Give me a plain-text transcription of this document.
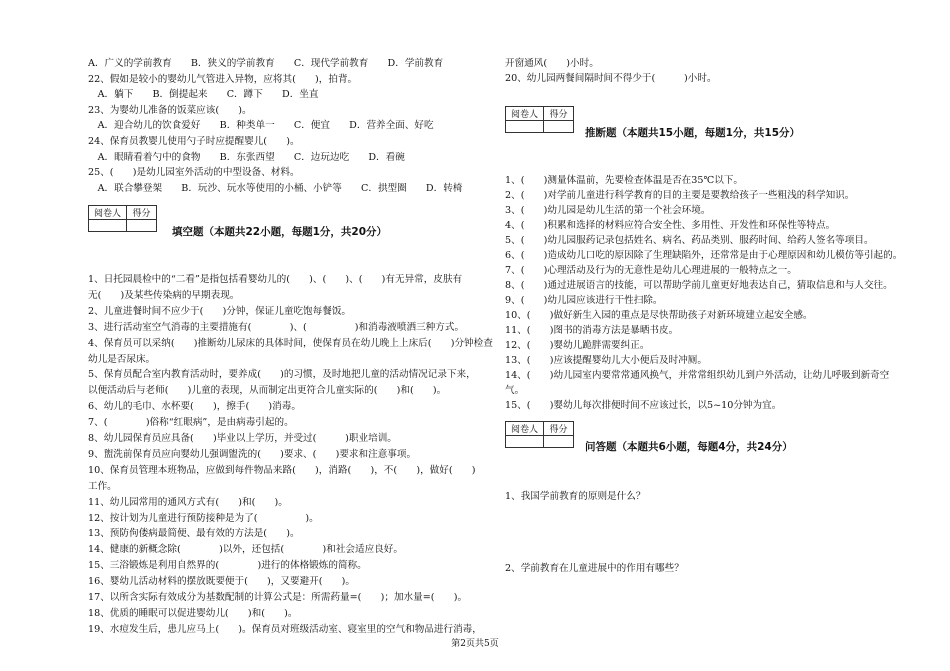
A．广义的学前教育　　B．狭义的学前教育　　C．现代学前教育　　D．学前教育
22、假如是较小的婴幼儿气管进入异物，应将其(　　)，拍背。
　A．躺下　　B．倒提起来　　C．蹲下　　D．坐直
23、为婴幼儿准备的饭菜应该(　　)。
　A．迎合幼儿的饮食爱好　　B．种类单一　　C．便宜　　D．营养全面、好吃
24、保育员教婴儿使用勺子时应提醒婴儿(　　)。
　A．眼睛看着勺中的食物　　B．东张西望　　C．边玩边吃　　D．看碗
25、(　　)是幼儿园室外活动的中型设备、材料。
　A．联合攀登架　　B．玩沙、玩水等使用的小桶、小铲等　　C．拱型圈　　D．转椅
阅卷人	得分

填空题（本题共22小题，每题1分，共20分）
1、日托园晨检中的“二看”是指包括看婴幼儿的(　　)、(　　)、(　　)有无异常，皮肤有
无(　　)及某些传染病的早期表现。
2、儿童进餐时间不应少于(　　)分钟，保证儿童吃饱每餐饭。
3、进行活动室空气消毒的主要措施有(　　　　)、(　　　　　)和消毒液喷洒三种方式。
4、保育员可以采纳(　　)推断幼儿尿床的具体时间，使保育员在幼儿晚上上床后(　　)分钟检查
幼儿是否尿床。
5、保育员配合室内教育活动时，要养成(　　)的习惯，及时地把儿童的活动情况记录下来，
以便活动后与老师(　　)儿童的表现，从而制定出更符合儿童实际的(　　)和(　　)。
6、幼儿的毛巾、水杯要(　　)，擦手(　　)消毒。
7、(　　　　)俗称“红眼病”，是由病毒引起的。
8、幼儿园保育员应具备(　　)毕业以上学历，并受过(　　　)职业培训。
9、盥洗前保育员应向婴幼儿强调盥洗的(　　)要求、(　　)要求和注意事项。
10、保育员管理本班物品，应做到每件物品来路(　　)，消路(　　)，不(　　)，做好(　　)
工作。
11、幼儿园常用的通风方式有(　　)和(　　)。
12、按计划为儿童进行预防接种是为了(　　　　　)。
13、预防佝偻病最简便、最有效的方法是(　　)。
14、健康的新概念除(　　　　)以外，还包括(　　　　)和社会适应良好。
15、三浴锻炼是利用自然界的(　　　　)进行的体格锻炼的简称。
16、婴幼儿活动材料的摆放既要便于(　　)，又要避开(　　)。
17、以所含实际有效成分为基数配制的计算公式是：所需药量=(　　)；加水量=(　　)。
18、优质的睡眠可以促进婴幼儿(　　)和(　　)。
19、水痘发生后，患儿应马上(　　)。保育员对班级活动室、寝室里的空气和物品进行消毒，
开窗通风(　　)小时。
20、幼儿园两餐间隔时间不得少于(　　　)小时。
阅卷人	得分

推断题（本题共15小题，每题1分，共15分）
1、(　　)测量体温前，先要检查体温是否在35℃以下。
2、(　　)对学前儿童进行科学教育的目的主要是要教给孩子一些粗浅的科学知识。
3、(　　)幼儿园是幼儿生活的第一个社会环境。
4、(　　)积累和选择的材料应符合安全性、多用性、开发性和环保性等特点。
5、(　　)幼儿园服药记录包括姓名、病名、药品类别、服药时间、给药人签名等项目。
6、(　　)造成幼儿口吃的原因除了生理缺陷外，还常常是由于心理原因和幼儿模仿等引起的。
7、(　　)心理活动及行为的无意性是幼儿心理进展的一般特点之一。
8、(　　)通过进展语言的技能，可以帮助学前儿童更好地表达自己，猜取信息和与人交往。
9、(　　)幼儿园应该进行干性扫除。
10、(　　)做好新生入园的重点是尽快帮助孩子对新环境建立起安全感。
11、(　　)图书的消毒方法是暴晒书皮。
12、(　　)婴幼儿跪胖需要纠正。
13、(　　)应该提醒婴幼儿大小便后及时冲厕。
14、(　　)幼儿园室内要常常通风换气，并常常组织幼儿到户外活动，让幼儿呼吸到新奇空
气。
15、(　　)婴幼儿每次排便时间不应该过长，以5~10分钟为宜。
阅卷人	得分

问答题（本题共6小题，每题4分，共24分）
1、我国学前教育的原则是什么？
2、学前教育在儿童进展中的作用有哪些？
第2页共5页
